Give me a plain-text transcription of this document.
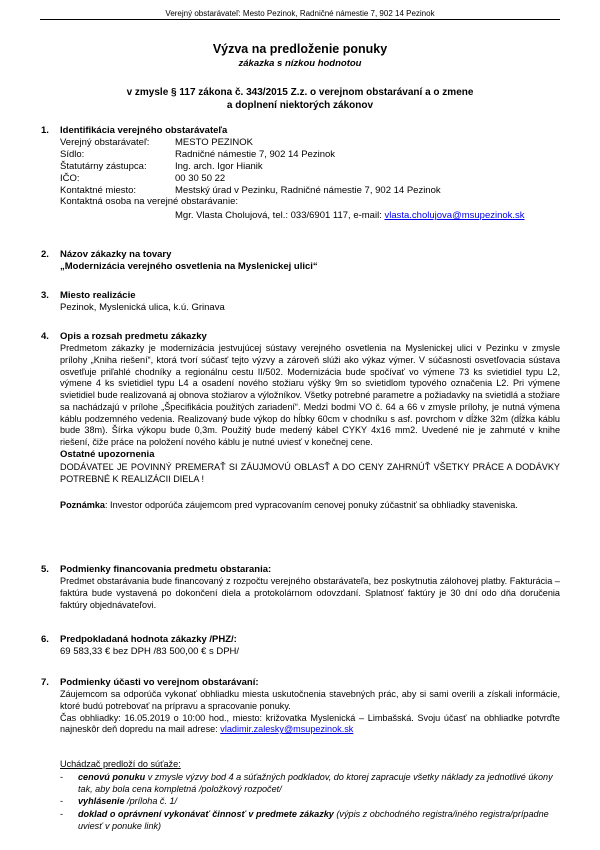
Verejný obstarávateľ: Mesto Pezinok, Radničné námestie 7, 902 14 Pezinok
Výzva na predloženie ponuky
zákazka s nízkou hodnotou
v zmysle § 117 zákona č. 343/2015 Z.z. o verejnom obstarávaní a o zmene
a doplnení niektorých zákonov
1. Identifikácia verejného obstarávateľa
Verejný obstarávateľ:	MESTO PEZINOK
Sídlo:	Radničné námestie 7, 902 14 Pezinok
Štatutárny zástupca:	Ing. arch. Igor Hianik
IČO:	00 30 50 22
Kontaktné miesto:	Mestský úrad v Pezinku, Radničné námestie 7, 902 14 Pezinok
Kontaktná osoba na verejné obstarávanie:
Mgr. Vlasta Cholujová, tel.: 033/6901 117, e-mail: vlasta.cholujova@msupezinok.sk
2. Názov zákazky na tovary
„Modernizácia verejného osvetlenia na Myslenickej ulici“
3. Miesto realizácie
Pezinok, Myslenická ulica, k.ú. Grinava
4. Opis a rozsah predmetu zákazky
Predmetom zákazky je modernizácia jestvujúcej sústavy verejného osvetlenia na Myslenickej ulici v Pezinku v zmysle prílohy „Kniha riešení“, ktorá tvorí súčasť tejto výzvy a zároveň slúži ako výkaz výmer. V súčasnosti osvetľovacia sústava osvetľuje priľahlé chodníky a regionálnu cestu II/502. Modernizácia bude spočívať vo výmene 73 ks svietidiel typu L2, výmene 4 ks svietidiel typu L4 a osadení nového stožiaru výšky 9m so svietidlom typového označenia L2. Pri výmene svietidiel bude realizovaná aj obnova stožiarov a výložníkov. Všetky potrebné parametre a požiadavky na svietidlá a stožiare sa nachádzajú v prílohe „Špecifikácia použitých zariadení“. Medzi bodmi VO č. 64 a 66 v zmysle prílohy, je nutná výmena káblu podzemného vedenia. Realizovaný bude výkop do hĺbky 60cm v chodníku s asf. povrchom v dĺžke 32m (dĺžka káblu bude 38m). Šírka výkopu bude 0,3m. Použitý bude medený kábel CYKY 4x16 mm2. Uvedené nie je zahrnuté v knihe riešení, čiže práce na položení nového káblu je nutné uviesť v konečnej cene.
Ostatné upozornenia
DODÁVATEĽ JE POVINNÝ PREMERAŤ SI ZÁUJMOVÚ OBLASŤ A DO CENY ZAHRNÚŤ VŠETKY PRÁCE A DODÁVKY POTREBNÉ K REALIZÁCII DIELA !
Poznámka: Investor odporúča záujemcom pred vypracovaním cenovej ponuky zúčastniť sa obhliadky staveniska.
5. Podmienky financovania predmetu obstarania:
Predmet obstarávania bude financovaný z rozpočtu verejného obstarávateľa, bez poskytnutia zálohovej platby. Fakturácia – faktúra bude vystavená po dokončení diela a protokolárnom odovzdaní. Splatnosť faktúry je 30 dní odo dňa doručenia faktúry objednávateľovi.
6. Predpokladaná hodnota zákazky /PHZ/:
69 583,33 € bez DPH /83 500,00 € s DPH/
7. Podmienky účasti vo verejnom obstarávaní:
Záujemcom sa odporúča vykonať obhliadku miesta uskutočnenia stavebných prác, aby si sami overili a získali informácie, ktoré budú potrebovať na prípravu a spracovanie ponuky.
Čas obhliadky: 16.05.2019 o 10:00 hod., miesto: križovatka Myslenická – Limbašská. Svoju účasť na obhliadke potvrďte najneskôr deň dopredu na mail adrese: vladimir.zalesky@msupezinok.sk
Uchádzač predloží do súťaže:
-	cenovú ponuku v zmysle výzvy bod 4 a súťažných podkladov, do ktorej zapracuje všetky náklady za jednotlivé úkony tak, aby bola cena kompletná /položkový rozpočet/
-	vyhlásenie /príloha č. 1/
-	doklad o oprávnení vykonávať činnosť v predmete zákazky (výpis z obchodného registra/iného registra/prípadne uviesť v ponuke link)
